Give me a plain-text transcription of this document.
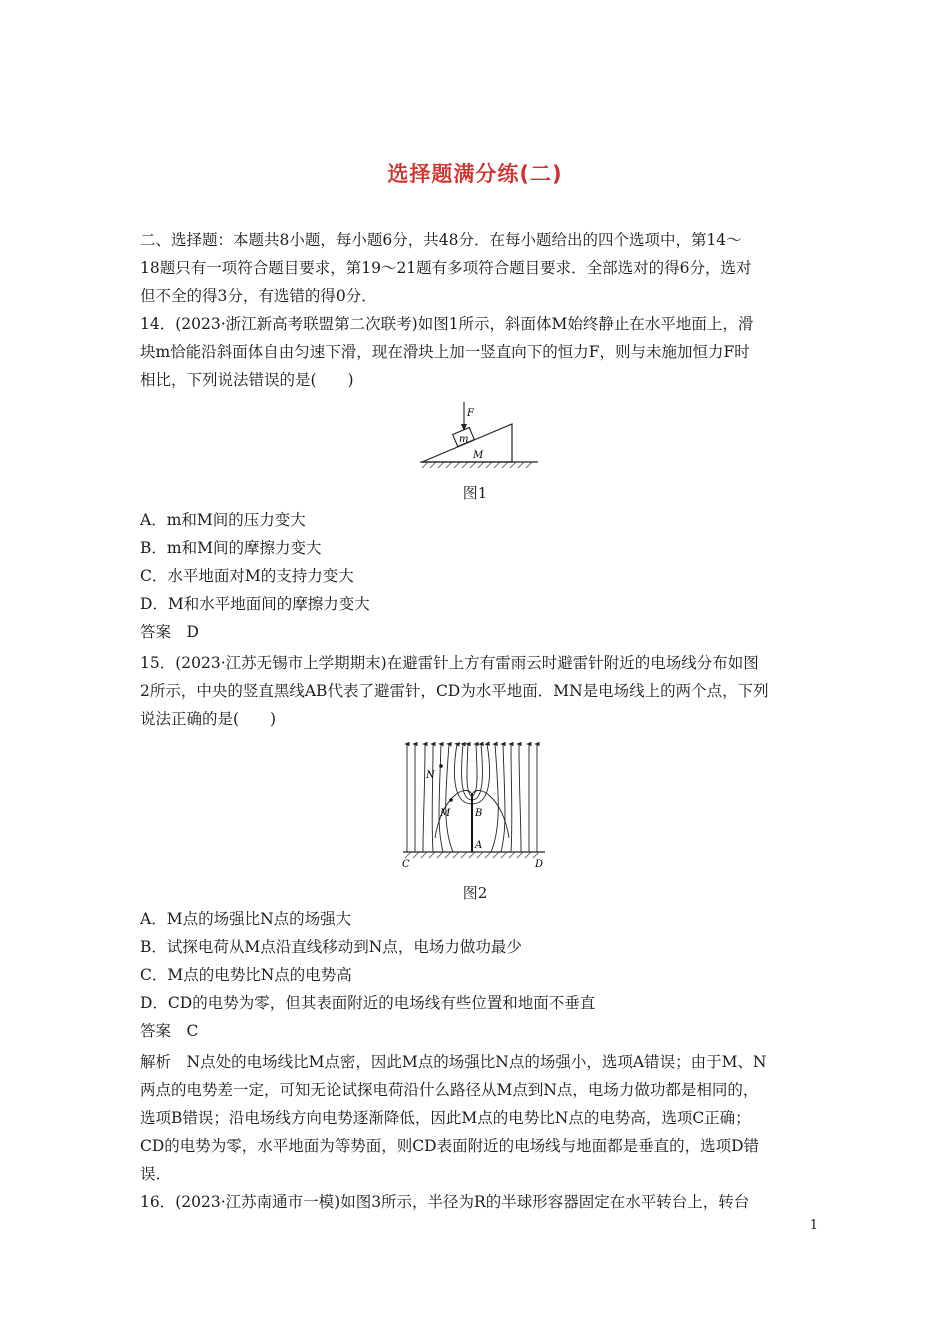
选择题满分练(二)
二、选择题：本题共8小题，每小题6分，共48分．在每小题给出的四个选项中，第14～
18题只有一项符合题目要求，第19～21题有多项符合题目要求．全部选对的得6分，选对
但不全的得3分，有选错的得0分．
14．(2023·浙江新高考联盟第二次联考)如图1所示，斜面体M始终静止在水平地面上，滑
块m恰能沿斜面体自由匀速下滑，现在滑块上加一竖直向下的恒力F，则与未施加恒力F时
相比，下列说法错误的是(　　)
F
m
M
图1
A．m和M间的压力变大
B．m和M间的摩擦力变大
C．水平地面对M的支持力变大
D．M和水平地面间的摩擦力变大
答案　D
15．(2023·江苏无锡市上学期期末)在避雷针上方有雷雨云时避雷针附近的电场线分布如图
2所示，中央的竖直黑线AB代表了避雷针，CD为水平地面．MN是电场线上的两个点，下列
说法正确的是(　　)
N
M B
A
C	D
图2
A．M点的场强比N点的场强大
B．试探电荷从M点沿直线移动到N点，电场力做功最少
C．M点的电势比N点的电势高
D．CD的电势为零，但其表面附近的电场线有些位置和地面不垂直
答案　C
解析　N点处的电场线比M点密，因此M点的场强比N点的场强小，选项A错误；由于M、N
两点的电势差一定，可知无论试探电荷沿什么路径从M点到N点，电场力做功都是相同的，
选项B错误；沿电场线方向电势逐渐降低，因此M点的电势比N点的电势高，选项C正确；
CD的电势为零，水平地面为等势面，则CD表面附近的电场线与地面都是垂直的，选项D错
误．
16．(2023·江苏南通市一模)如图3所示，半径为R的半球形容器固定在水平转台上，转台
1
